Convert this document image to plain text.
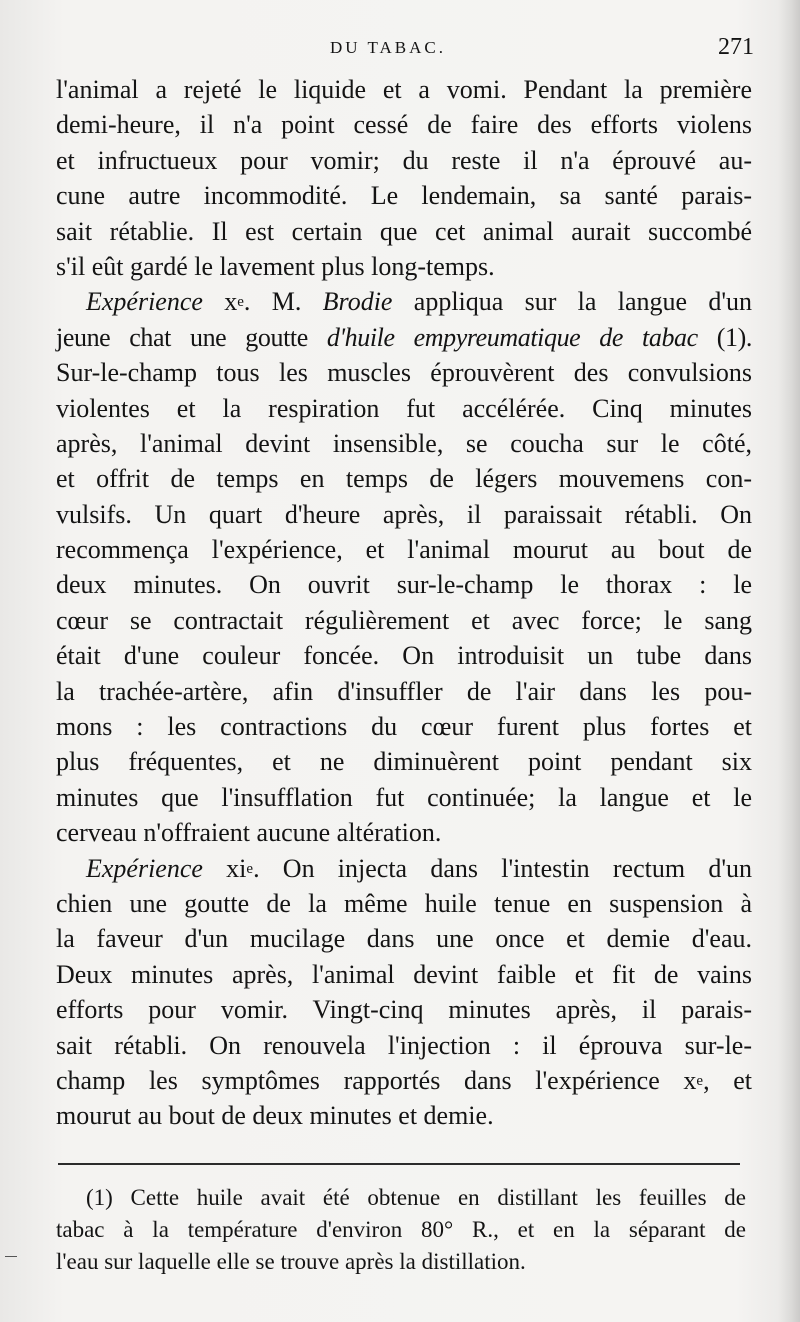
DU TABAC.	271
l'animal a rejeté le liquide et a vomi. Pendant la première
demi-heure, il n'a point cessé de faire des efforts violens
et infructueux pour vomir; du reste il n'a éprouvé au-
cune autre incommodité. Le lendemain, sa santé parais-
sait rétablie. Il est certain que cet animal aurait succombé
s'il eût gardé le lavement plus long-temps.
Expérience $x^e$. M. Brodie appliqua sur la langue d'un
jeune chat une goutte d'huile empyreumatique de tabac (1).
Sur-le-champ tous les muscles éprouvèrent des convulsions
violentes et la respiration fut accélérée. Cinq minutes
après, l'animal devint insensible, se coucha sur le côté,
et offrit de temps en temps de légers mouvemens con-
vulsifs. Un quart d'heure après, il paraissait rétabli. On
recommença l'expérience, et l'animal mourut au bout de
deux minutes. On ouvrit sur-le-champ le thorax : le
cœur se contractait régulièrement et avec force; le sang
était d'une couleur foncée. On introduisit un tube dans
la trachée-artère, afin d'insuffler de l'air dans les pou-
mons : les contractions du cœur furent plus fortes et
plus fréquentes, et ne diminuèrent point pendant six
minutes que l'insufflation fut continuée; la langue et le
cerveau n'offraient aucune altération.
Expérience $xi^e$. On injecta dans l'intestin rectum d'un
chien une goutte de la même huile tenue en suspension à
la faveur d'un mucilage dans une once et demie d'eau.
Deux minutes après, l'animal devint faible et fit de vains
efforts pour vomir. Vingt-cinq minutes après, il parais-
sait rétabli. On renouvela l'injection : il éprouva sur-le-
champ les symptômes rapportés dans l'expérience $x^e$, et
mourut au bout de deux minutes et demie.
(1) Cette huile avait été obtenue en distillant les feuilles de
tabac à la température d'environ 80° R., et en la séparant de
l'eau sur laquelle elle se trouve après la distillation.
